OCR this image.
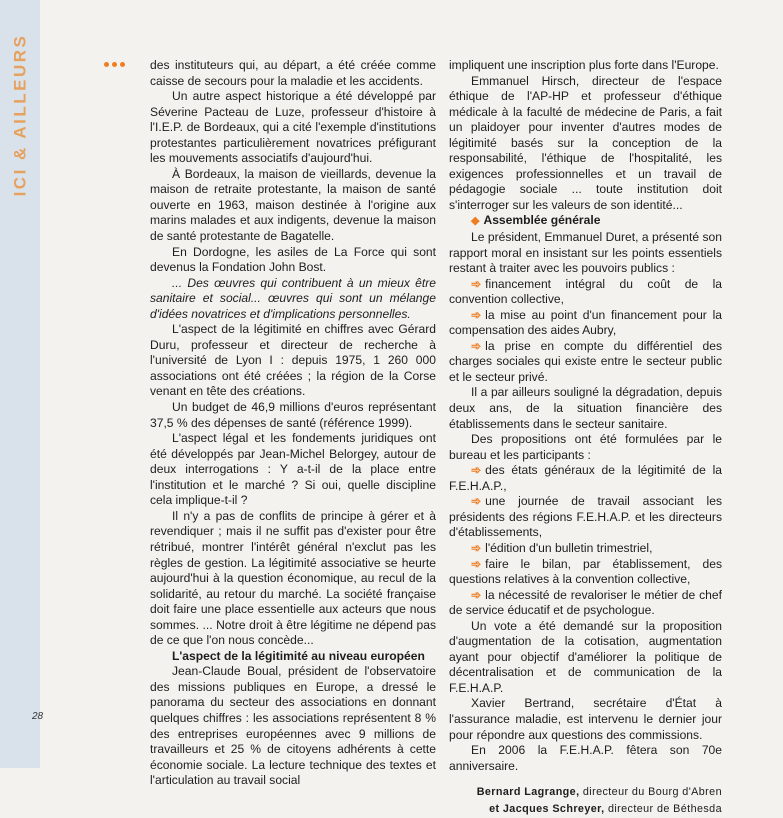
ICI & AILLEURS
28

des instituteurs qui, au départ, a été créée comme caisse de secours pour la maladie et les accidents.

Un autre aspect historique a été développé par Séverine Pacteau de Luze, professeur d'histoire à l'I.E.P. de Bordeaux, qui a cité l'exemple d'institutions protestantes particulièrement novatrices préfigurant les mouvements associatifs d'aujourd'hui.

À Bordeaux, la maison de vieillards, devenue la maison de retraite protestante, la maison de santé ouverte en 1963, maison destinée à l'origine aux marins malades et aux indigents, devenue la maison de santé protestante de Bagatelle.

En Dordogne, les asiles de La Force qui sont devenus la Fondation John Bost.

... Des œuvres qui contribuent à un mieux être sanitaire et social... œuvres qui sont un mélange d'idées novatrices et d'implications personnelles.

L'aspect de la légitimité en chiffres avec Gérard Duru, professeur et directeur de recherche à l'université de Lyon I : depuis 1975, 1 260 000 associations ont été créées ; la région de la Corse venant en tête des créations.

Un budget de 46,9 millions d'euros représentant 37,5 % des dépenses de santé (référence 1999).

L'aspect légal et les fondements juridiques ont été développés par Jean-Michel Belorgey, autour de deux interrogations : Y a-t-il de la place entre l'institution et le marché ? Si oui, quelle discipline cela implique-t-il ?

Il n'y a pas de conflits de principe à gérer et à revendiquer ; mais il ne suffit pas d'exister pour être rétribué, montrer l'intérêt général n'exclut pas les règles de gestion. La légitimité associative se heurte aujourd'hui à la question économique, au recul de la solidarité, au retour du marché. La société française doit faire une place essentielle aux acteurs que nous sommes. ... Notre droit à être légitime ne dépend pas de ce que l'on nous concède...

L'aspect de la légitimité au niveau européen

Jean-Claude Boual, président de l'observatoire des missions publiques en Europe, a dressé le panorama du secteur des associations en donnant quelques chiffres : les associations représentent 8 % des entreprises européennes avec 9 millions de travailleurs et 25 % de citoyens adhérents à cette économie sociale. La lecture technique des textes et l'articulation au travail social

impliquent une inscription plus forte dans l'Europe.

Emmanuel Hirsch, directeur de l'espace éthique de l'AP-HP et professeur d'éthique médicale à la faculté de médecine de Paris, a fait un plaidoyer pour inventer d'autres modes de légitimité basés sur la conception de la responsabilité, l'éthique de l'hospitalité, les exigences professionnelles et un travail de pédagogie sociale ... toute institution doit s'interroger sur les valeurs de son identité...

◆ Assemblée générale

Le président, Emmanuel Duret, a présenté son rapport moral en insistant sur les points essentiels restant à traiter avec les pouvoirs publics :

➾ financement intégral du coût de la convention collective,

➾ la mise au point d'un financement pour la compensation des aides Aubry,

➾ la prise en compte du différentiel des charges sociales qui existe entre le secteur public et le secteur privé.

Il a par ailleurs souligné la dégradation, depuis deux ans, de la situation financière des établissements dans le secteur sanitaire.

Des propositions ont été formulées par le bureau et les participants :

➾ des états généraux de la légitimité de la F.E.H.A.P.,

➾ une journée de travail associant les présidents des régions F.E.H.A.P. et les directeurs d'établissements,

➾ l'édition d'un bulletin trimestriel,

➾ faire le bilan, par établissement, des questions relatives à la convention collective,

➾ la nécessité de revaloriser le métier de chef de service éducatif et de psychologue.

Un vote a été demandé sur la proposition d'augmentation de la cotisation, augmentation ayant pour objectif d'améliorer la politique de décentralisation et de communication de la F.E.H.A.P.

Xavier Bertrand, secrétaire d'État à l'assurance maladie, est intervenu le dernier jour pour répondre aux questions des commissions.

En 2006 la F.E.H.A.P. fêtera son 70e anniversaire.

Bernard Lagrange, directeur du Bourg d'Abren
et Jacques Schreyer, directeur de Béthesda
